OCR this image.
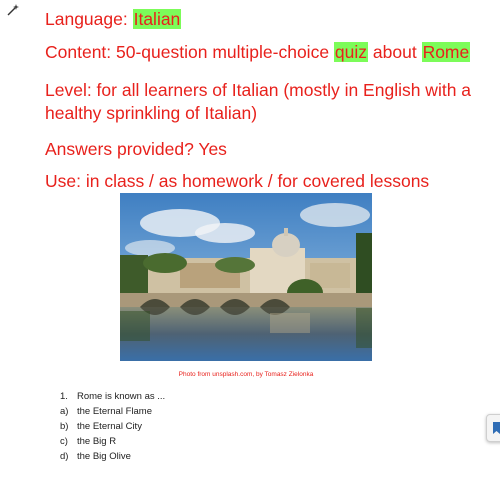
Language: Italian

Content: 50-question multiple-choice quiz about Rome

Level: for all learners of Italian (mostly in English with a healthy sprinkling of Italian)

Answers provided? Yes

Use: in class / as homework / for covered lessons

Photo from unsplash.com, by Tomasz Zielonka
1. Rome is known as ...
a) the Eternal Flame
b) the Eternal City
c) the Big R
d) the Big Olive
